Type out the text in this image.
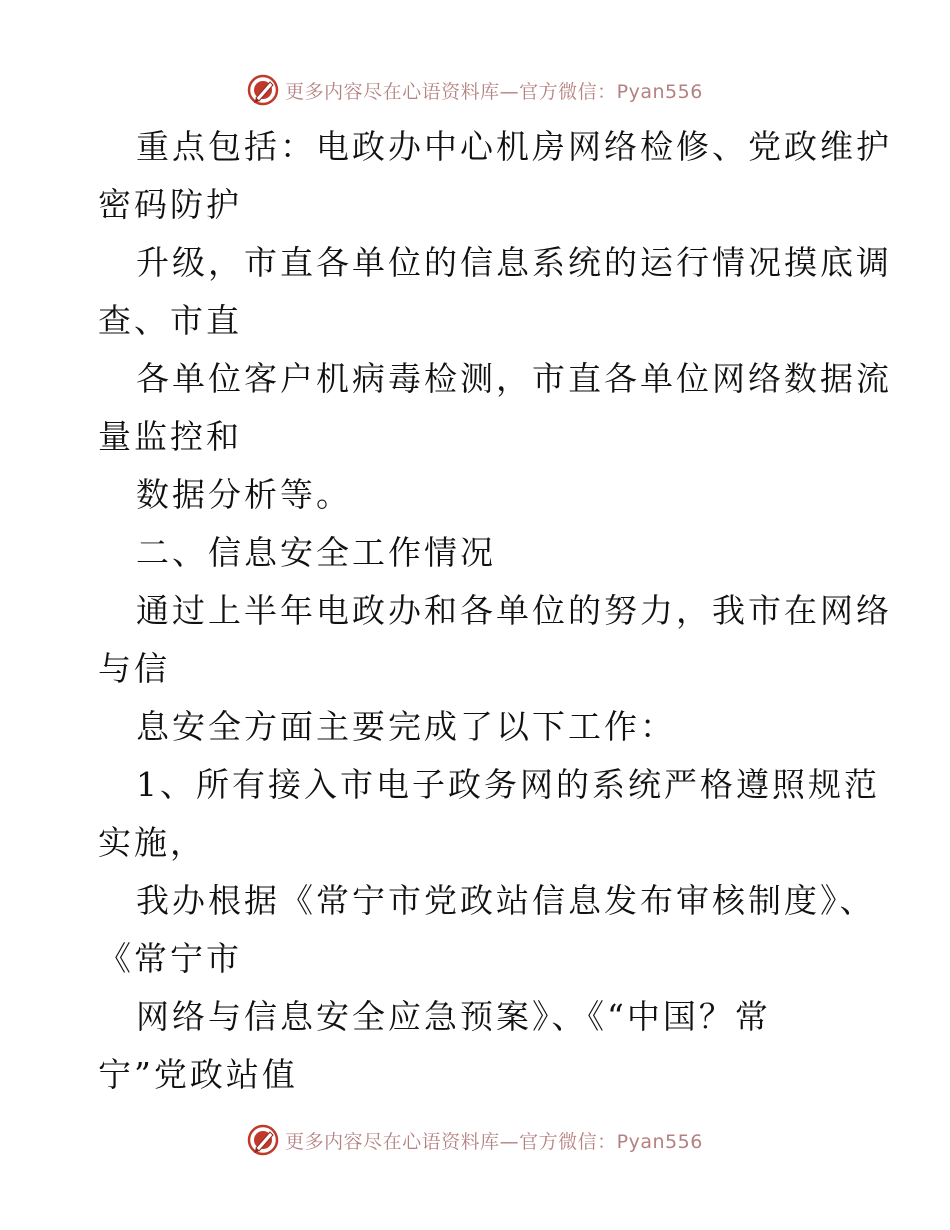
更多内容尽在心语资料库—官方微信：Pyan556
重点包括：电政办中心机房网络检修、党政维护
密码防护
升级，市直各单位的信息系统的运行情况摸底调
查、市直
各单位客户机病毒检测，市直各单位网络数据流
量监控和
数据分析等。
二、信息安全工作情况
通过上半年电政办和各单位的努力，我市在网络
与信
息安全方面主要完成了以下工作：
1、所有接入市电子政务网的系统严格遵照规范
实施，
我办根据《常宁市党政站信息发布审核制度》、
《常宁市
网络与信息安全应急预案》、《“中国？常
宁”党政站值
更多内容尽在心语资料库—官方微信：Pyan556
